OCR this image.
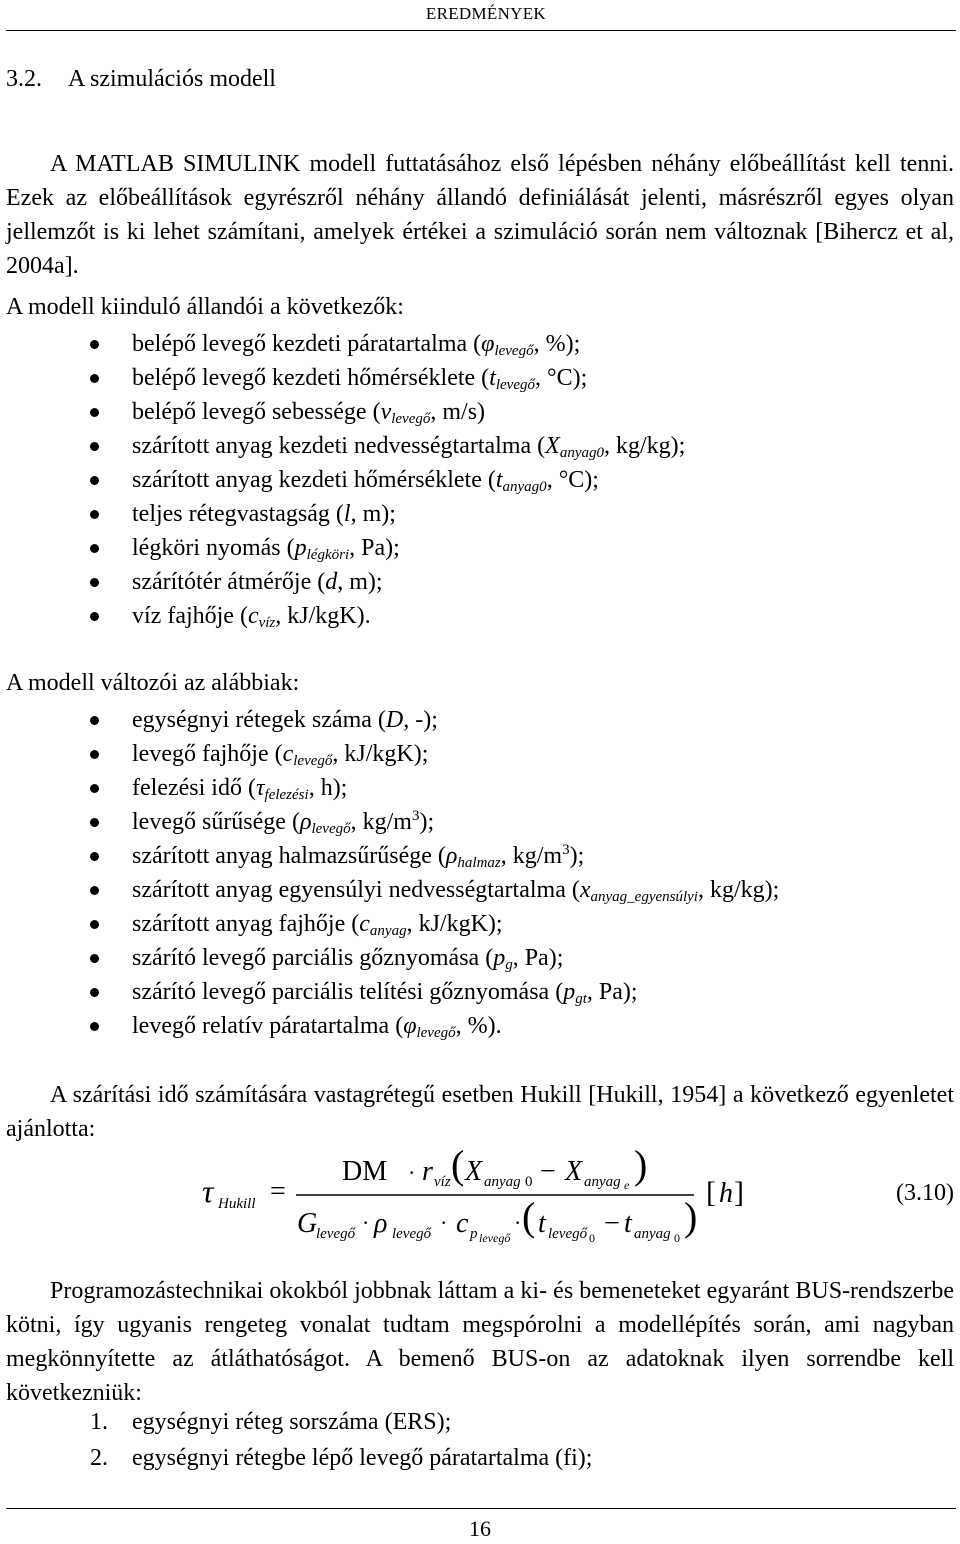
EREDMÉNYEK
3.2. A szimulációs modell
A MATLAB SIMULINK modell futtatásához első lépésben néhány előbeállítást kell tenni. Ezek az előbeállítások egyrészről néhány állandó definiálását jelenti, másrészről egyes olyan jellemzőt is ki lehet számítani, amelyek értékei a szimuláció során nem változnak [Bihercz et al, 2004a].
A modell kiinduló állandói a következők:
belépő levegő kezdeti páratartalma ($\varphi_{levegő}$, %);
belépő levegő kezdeti hőmérséklete ($t_{levegő}$, °C);
belépő levegő sebessége ($v_{levegő}$, m/s)
szárított anyag kezdeti nedvességtartalma ($X_{anyag0}$, kg/kg);
szárított anyag kezdeti hőmérséklete ($t_{anyag0}$, °C);
teljes rétegvastagság (l, m);
légköri nyomás ($p_{légköri}$, Pa);
szárítótér átmérője (d, m);
víz fajhője ($c_{víz}$, kJ/kgK).
A modell változói az alábbiak:
egységnyi rétegek száma (D, -);
levegő fajhője ($c_{levegő}$, kJ/kgK);
felezési idő ($\tau_{felezési}$, h);
levegő sűrűsége ($\rho_{levegő}$, $kg/m^3$);
szárított anyag halmazsűrűsége ($\rho_{halmaz}$, $kg/m^3$);
szárított anyag egyensúlyi nedvességtartalma ($x_{anyag\_egyensúlyi}$, kg/kg);
szárított anyag fajhője ($c_{anyag}$, kJ/kgK);
szárító levegő parciális gőznyomása ($p_g$, Pa);
szárító levegő parciális telítési gőznyomása ($p_{gt}$, Pa);
levegő relatív páratartalma ($\varphi_{levegő}$, %).
A szárítási idő számítására vastagrétegű esetben Hukill [Hukill, 1954] a következő egyenletet ajánlotta:
τ Hukill =
DM · r víz ( X anyag 0 − X anyag e )
G
levegő · ρ levegő · c p levegő
· ( t levegő 0 − t anyag 0 )
[ h ]	(3.10)
Programozástechnikai okokból jobbnak láttam a ki- és bemeneteket egyaránt BUS-rendszerbe kötni, így ugyanis rengeteg vonalat tudtam megspórolni a modellépítés során, ami nagyban megkönnyítette az átláthatóságot. A bemenő BUS-on az adatoknak ilyen sorrendbe kell következniük:
1. egységnyi réteg sorszáma (ERS);
2. egységnyi rétegbe lépő levegő páratartalma (fi);
16
